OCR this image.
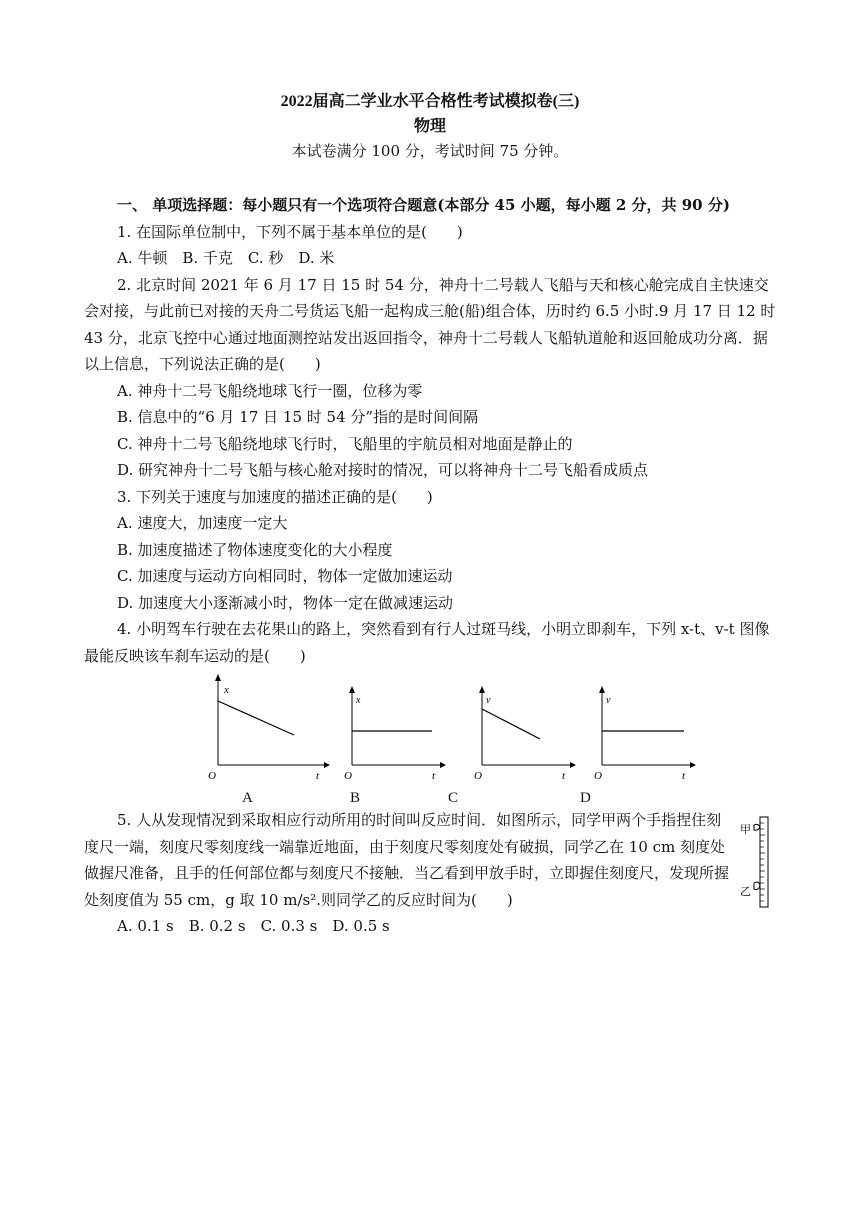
2022届高二学业水平合格性考试模拟卷(三)
物理
本试卷满分 100 分，考试时间 75 分钟。

一、 单项选择题：每小题只有一个选项符合题意(本部分 45 小题，每小题 2 分，共 90 分)

1. 在国际单位制中，下列不属于基本单位的是(　　)

A. 牛顿　B. 千克　C. 秒　D. 米

2. 北京时间 2021 年 6 月 17 日 15 时 54 分，神舟十二号载人飞船与天和核心舱完成自主快速交会对接，与此前已对接的天舟二号货运飞船一起构成三舱(船)组合体，历时约 6.5 小时.9 月 17 日 12 时 43 分，北京飞控中心通过地面测控站发出返回指令，神舟十二号载人飞船轨道舱和返回舱成功分离．据以上信息，下列说法正确的是(　　)

A. 神舟十二号飞船绕地球飞行一圈，位移为零

B. 信息中的“6 月 17 日 15 时 54 分”指的是时间间隔

C. 神舟十二号飞船绕地球飞行时，飞船里的宇航员相对地面是静止的

D. 研究神舟十二号飞船与核心舱对接时的情况，可以将神舟十二号飞船看成质点

3. 下列关于速度与加速度的描述正确的是(　　)

A. 速度大，加速度一定大

B. 加速度描述了物体速度变化的大小程度

C. 加速度与运动方向相同时，物体一定做加速运动

D. 加速度大小逐渐减小时，物体一定在做减速运动

4. 小明驾车行驶在去花果山的路上，突然看到有行人过斑马线，小明立即刹车，下列 x-t、v-t 图像最能反映该车刹车运动的是(　　)

x
O	t
A
x
O	t
B
v
O	t
C
v
O	t
D

5. 人从发现情况到采取相应行动所用的时间叫反应时间．如图所示，同学甲两个手指捏住刻度尺一端，刻度尺零刻度线一端靠近地面，由于刻度尺零刻度处有破损，同学乙在 10 cm 刻度处做握尺准备，且手的任何部位都与刻度尺不接触．当乙看到甲放手时，立即握住刻度尺，发现所握处刻度值为 55 cm，g 取 10 m/s².则同学乙的反应时间为(　　)

甲
乙

A. 0.1 s　B. 0.2 s　C. 0.3 s　D. 0.5 s
